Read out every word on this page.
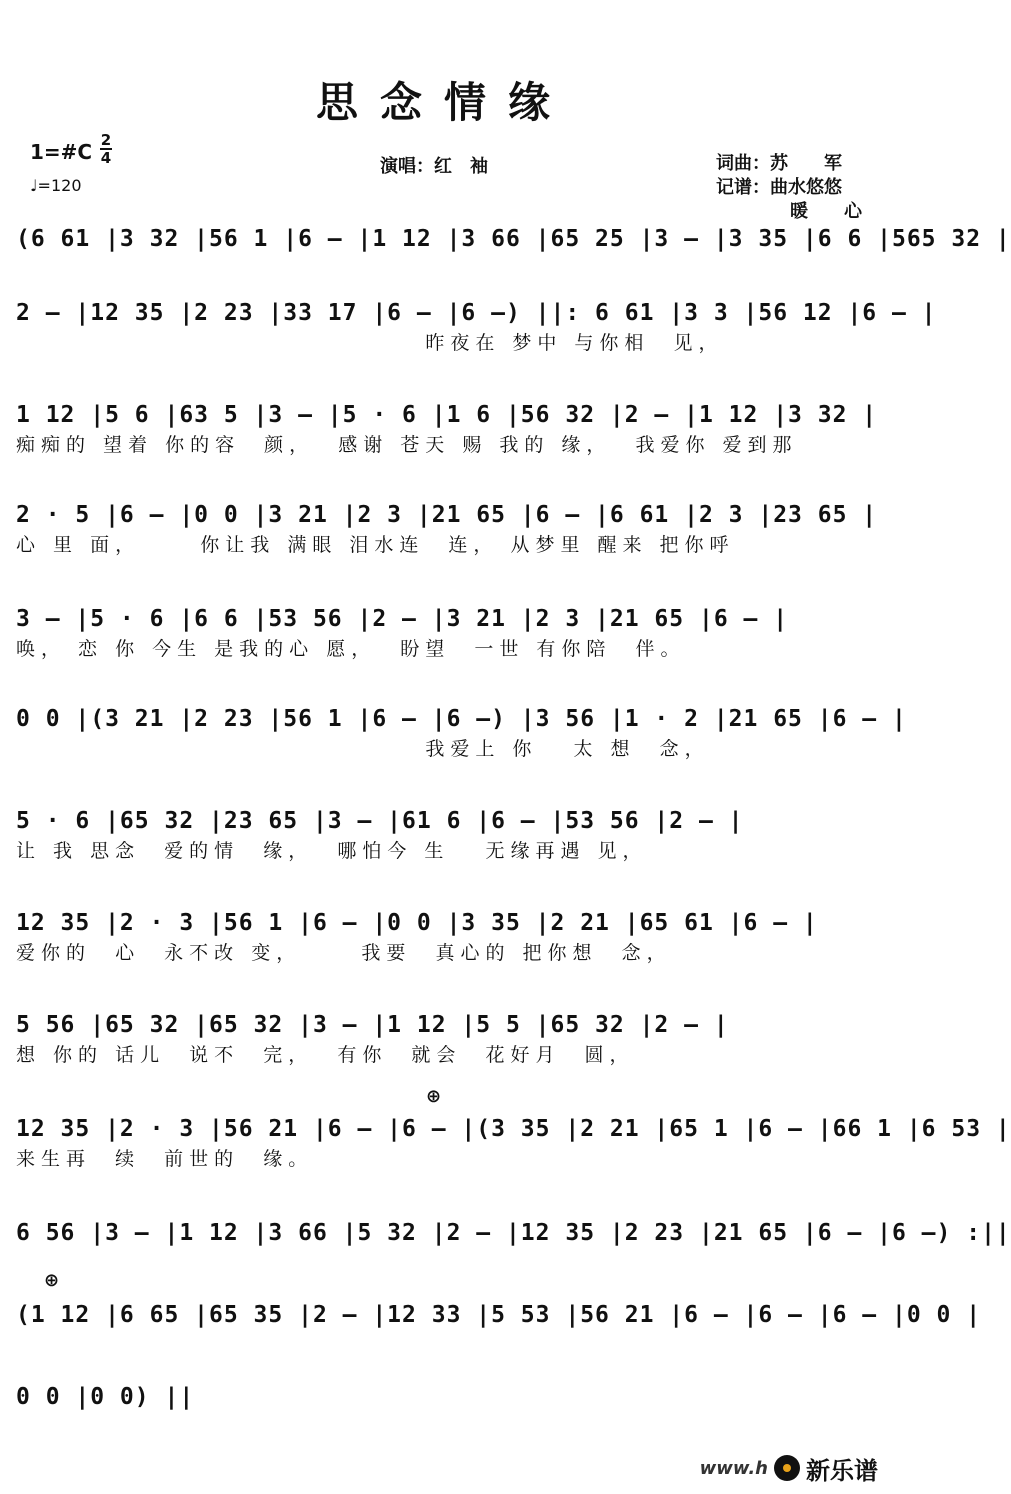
思念情缘
1=#C 2
4
♩=120
演唱：红　袖	词曲：苏　　军
记谱：曲水悠悠
暖　　心
(6 61 |3 32 |56 1 |6 – |1 12 |3 66 |65 25 |3 – |3 35 |6 6 |565 32 |
2 – |12 35 |2 23 |33 17 |6 – |6 –) ||: 6 61 |3 3 |56 12 |6 – |
昨夜在 梦中 与你相  见，
1 12 |5 6 |63 5 |3 – |5 · 6 |1 6 |56 32 |2 – |1 12 |3 32 |
痴痴的 望着 你的容  颜，  感谢 苍天 赐 我的 缘，  我爱你 爱到那
2 · 5 |6 – |0 0 |3 21 |2 3 |21 65 |6 – |6 61 |2 3 |23 65 |
心 里 面，     你让我 满眼 泪水连  连， 从梦里 醒来 把你呼
3 – |5 · 6 |6 6 |53 56 |2 – |3 21 |2 3 |21 65 |6 – |
唤， 恋 你 今生 是我的心 愿，  盼望  一世 有你陪  伴。
0 0 |(3 21 |2 23 |56 1 |6 – |6 –) |3 56 |1 · 2 |21 65 |6 – |
我爱上 你   太 想  念，
5 · 6 |65 32 |23 65 |3 – |61 6 |6 – |53 56 |2 – |
让 我 思念  爱的情  缘，  哪怕今 生   无缘再遇 见，
12 35 |2 · 3 |56 1 |6 – |0 0 |3 35 |2 21 |65 61 |6 – |
爱你的  心  永不改 变，     我要  真心的 把你想  念，
5 56 |65 32 |65 32 |3 – |1 12 |5 5 |65 32 |2 – |
想 你的 话儿  说不  完，  有你  就会  花好月  圆，
⊕
12 35 |2 · 3 |56 21 |6 – |6 – |(3 35 |2 21 |65 1 |6 – |66 1 |6 53 |
来生再  续  前世的  缘。
6 56 |3 – |1 12 |3 66 |5 32 |2 – |12 35 |2 23 |21 65 |6 – |6 –) :||
⊕
(1 12 |6 65 |65 35 |2 – |12 33 |5 53 |56 21 |6 – |6 – |6 – |0 0 |
0 0 |0 0) ||
www.h 新乐谱
